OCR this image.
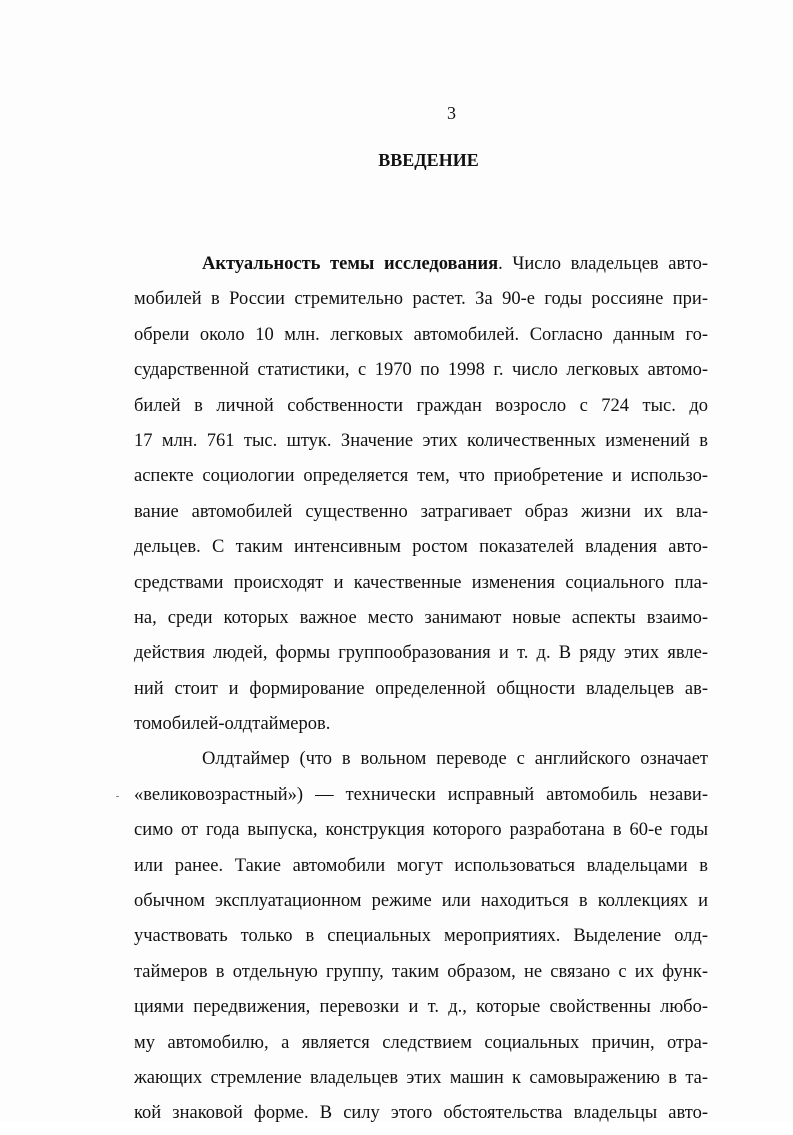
3
ВВЕДЕНИЕ
Актуальность темы исследования. Число владельцев авто-
мобилей в России стремительно растет. За 90-е годы россияне при-
обрели около 10 млн. легковых автомобилей. Согласно данным го-
сударственной статистики, с 1970 по 1998 г. число легковых автомо-
билей в личной собственности граждан возросло с 724 тыс. до
17 млн. 761 тыс. штук. Значение этих количественных изменений в
аспекте социологии определяется тем, что приобретение и использо-
вание автомобилей существенно затрагивает образ жизни их вла-
дельцев. С таким интенсивным ростом показателей владения авто-
средствами происходят и качественные изменения социального пла-
на, среди которых важное место занимают новые аспекты взаимо-
действия людей, формы группообразования и т. д. В ряду этих явле-
ний стоит и формирование определенной общности владельцев ав-
томобилей-олдтаймеров.
Олдтаймер (что в вольном переводе с английского означает
«великовозрастный») — технически исправный автомобиль незави-
симо от года выпуска, конструкция которого разработана в 60-е годы
или ранее. Такие автомобили могут использоваться владельцами в
обычном эксплуатационном режиме или находиться в коллекциях и
участвовать только в специальных мероприятиях. Выделение олд-
таймеров в отдельную группу, таким образом, не связано с их функ-
циями передвижения, перевозки и т. д., которые свойственны любо-
му автомобилю, а является следствием социальных причин, отра-
жающих стремление владельцев этих машин к самовыражению в та-
кой знаковой форме. В силу этого обстоятельства владельцы авто-
